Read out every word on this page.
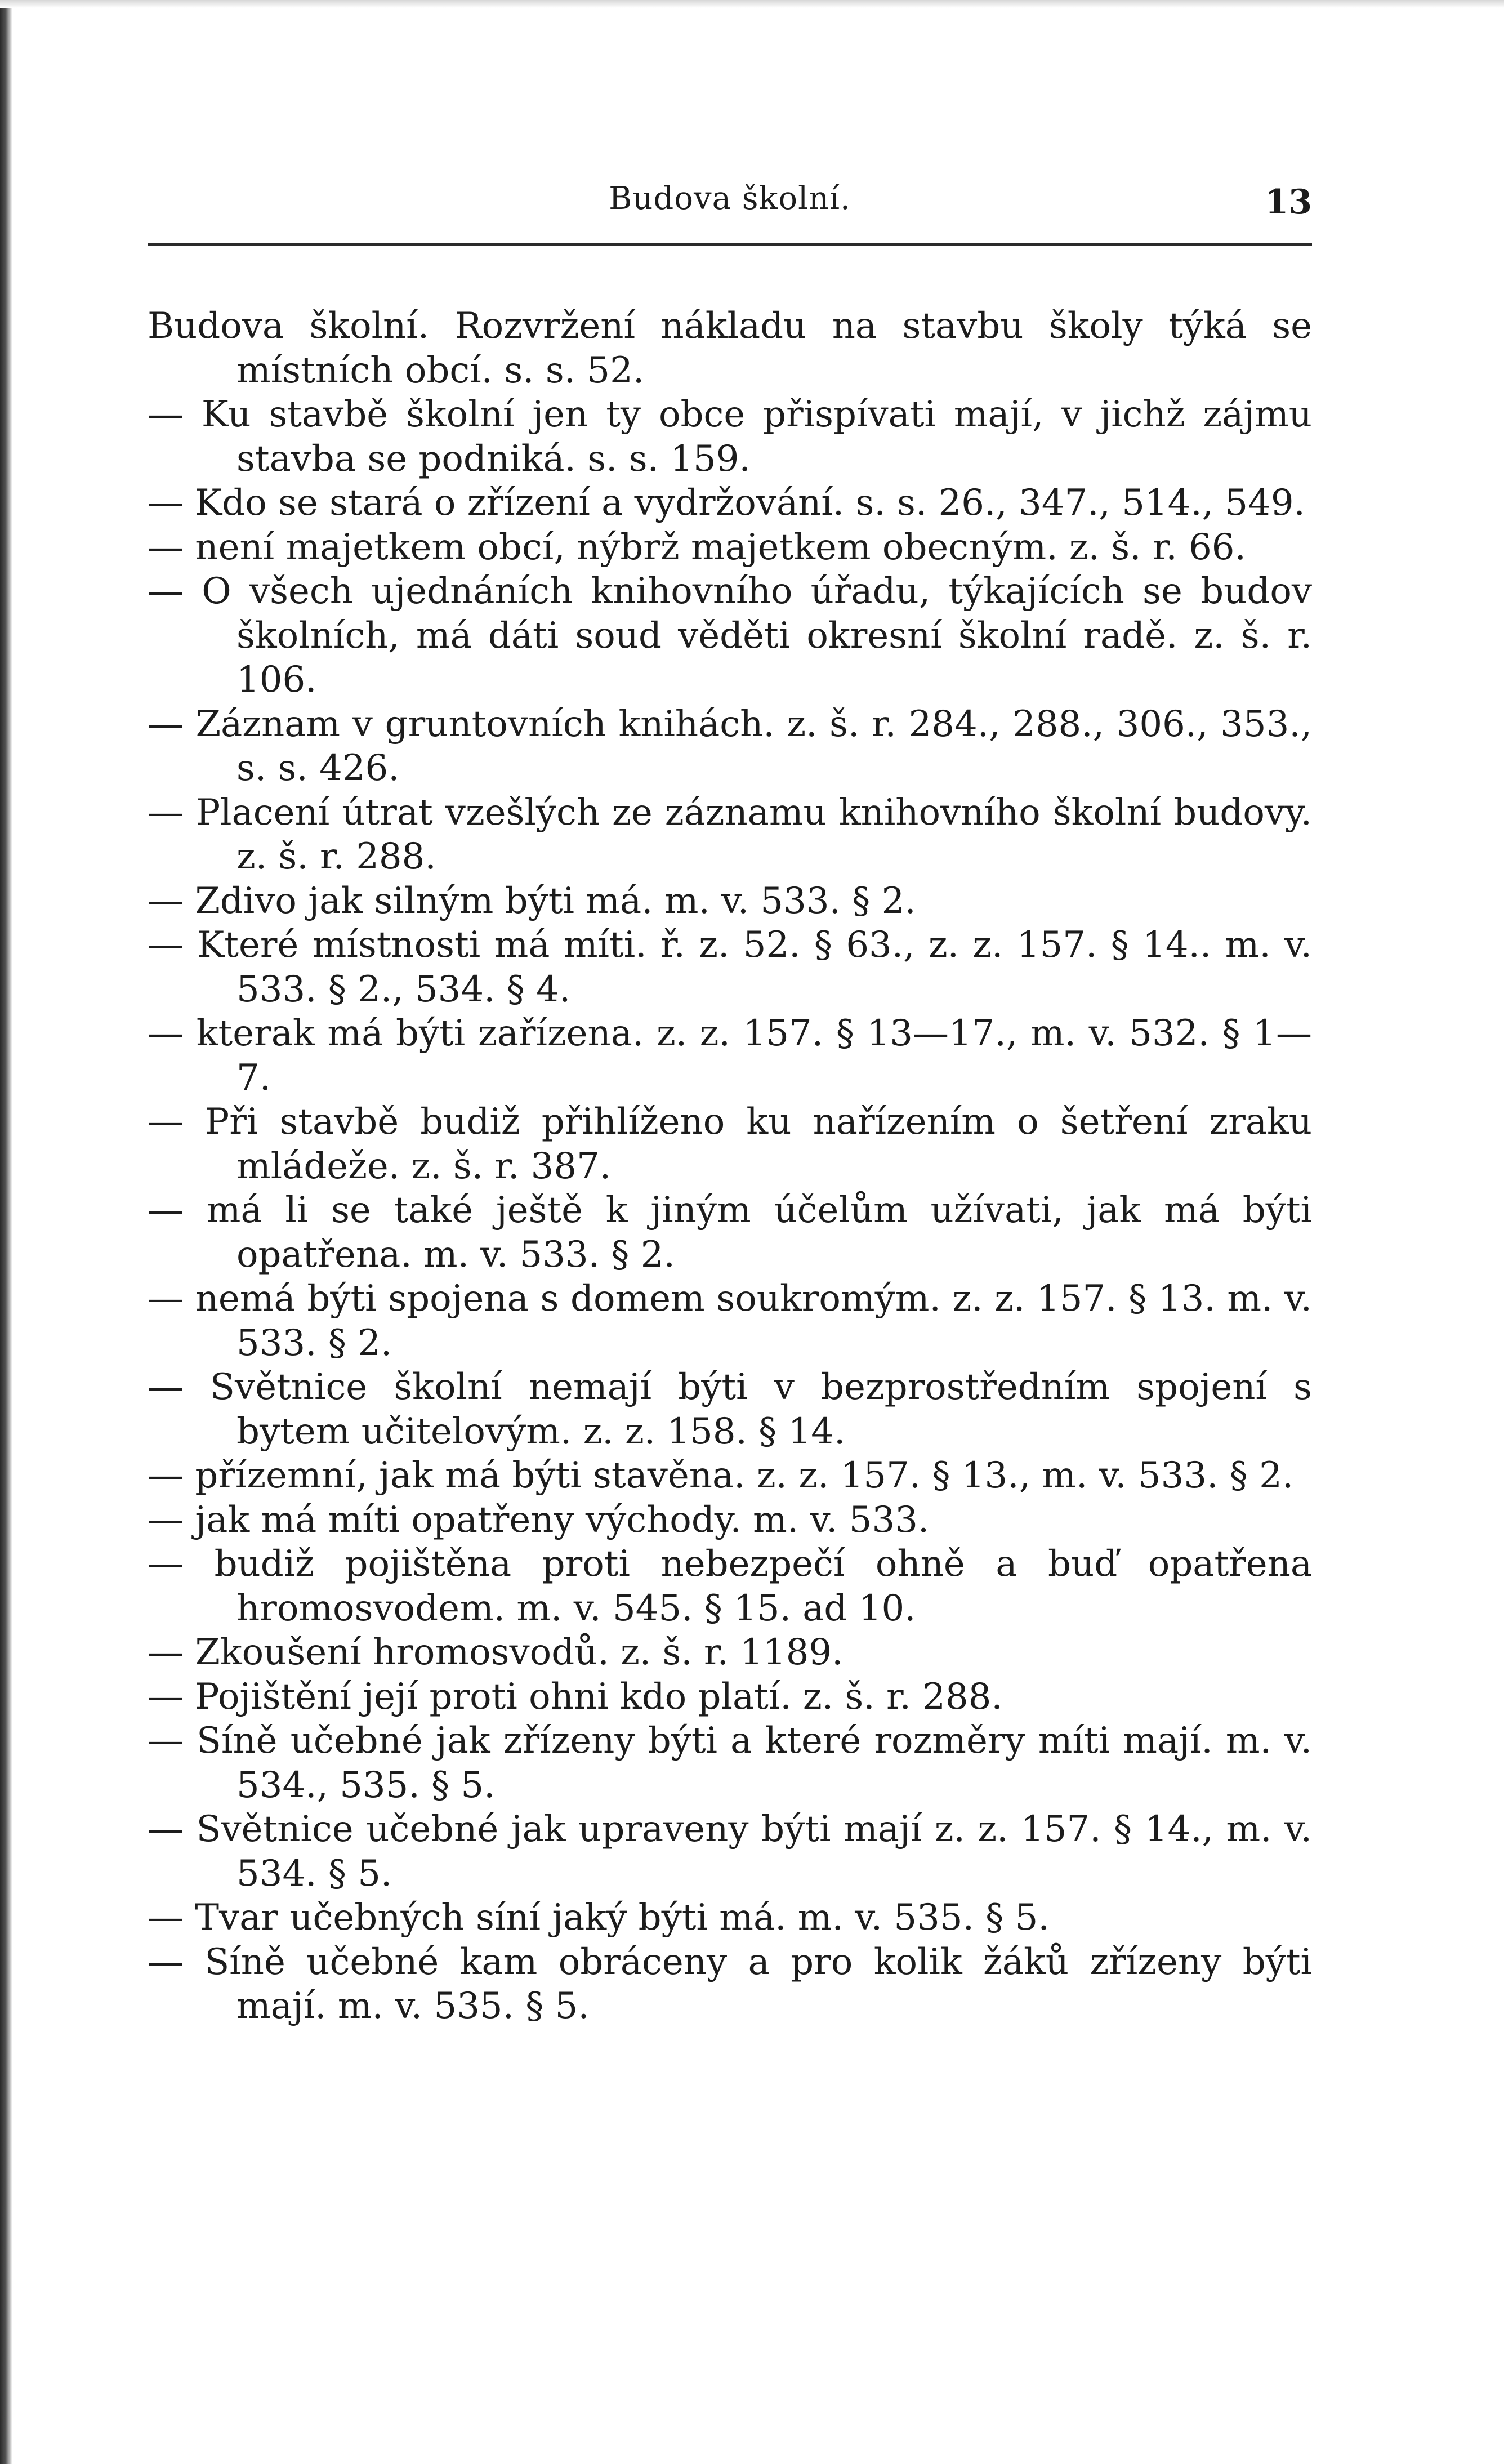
Budova školní.	13

Budova školní. Rozvržení nákladu na stavbu školy týká se místních obcí. s. s. 52.

— Ku stavbě školní jen ty obce přispívati mají, v jichž zájmu stavba se podniká. s. s. 159.

— Kdo se stará o zřízení a vydržování. s. s. 26., 347., 514., 549.

— není majetkem obcí, nýbrž majetkem obecným. z. š. r. 66.

— O všech ujednáních knihovního úřadu, týkajících se budov školních, má dáti soud věděti okresní školní radě. z. š. r. 106.

— Záznam v gruntovních knihách. z. š. r. 284., 288., 306., 353., s. s. 426.

— Placení útrat vzešlých ze záznamu knihovního školní budovy. z. š. r. 288.

— Zdivo jak silným býti má. m. v. 533. § 2.

— Které místnosti má míti. ř. z. 52. § 63., z. z. 157. § 14.. m. v. 533. § 2., 534. § 4.

— kterak má býti zařízena. z. z. 157. § 13—17., m. v. 532. § 1—7.

— Při stavbě budiž přihlíženo ku nařízením o šetření zraku mládeže. z. š. r. 387.

— má li se také ještě k jiným účelům užívati, jak má býti opatřena. m. v. 533. § 2.

— nemá býti spojena s domem soukromým. z. z. 157. § 13. m. v. 533. § 2.

— Světnice školní nemají býti v bezprostředním spojení s bytem učitelovým. z. z. 158. § 14.

— přízemní, jak má býti stavěna. z. z. 157. § 13., m. v. 533. § 2.

— jak má míti opatřeny východy. m. v. 533.

— budiž pojištěna proti nebezpečí ohně a buď opatřena hromosvodem. m. v. 545. § 15. ad 10.

— Zkoušení hromosvodů. z. š. r. 1189.

— Pojištění její proti ohni kdo platí. z. š. r. 288.

— Síně učebné jak zřízeny býti a které rozměry míti mají. m. v. 534., 535. § 5.

— Světnice učebné jak upraveny býti mají z. z. 157. § 14., m. v. 534. § 5.

— Tvar učebných síní jaký býti má. m. v. 535. § 5.

— Síně učebné kam obráceny a pro kolik žáků zřízeny býti mají. m. v. 535. § 5.
